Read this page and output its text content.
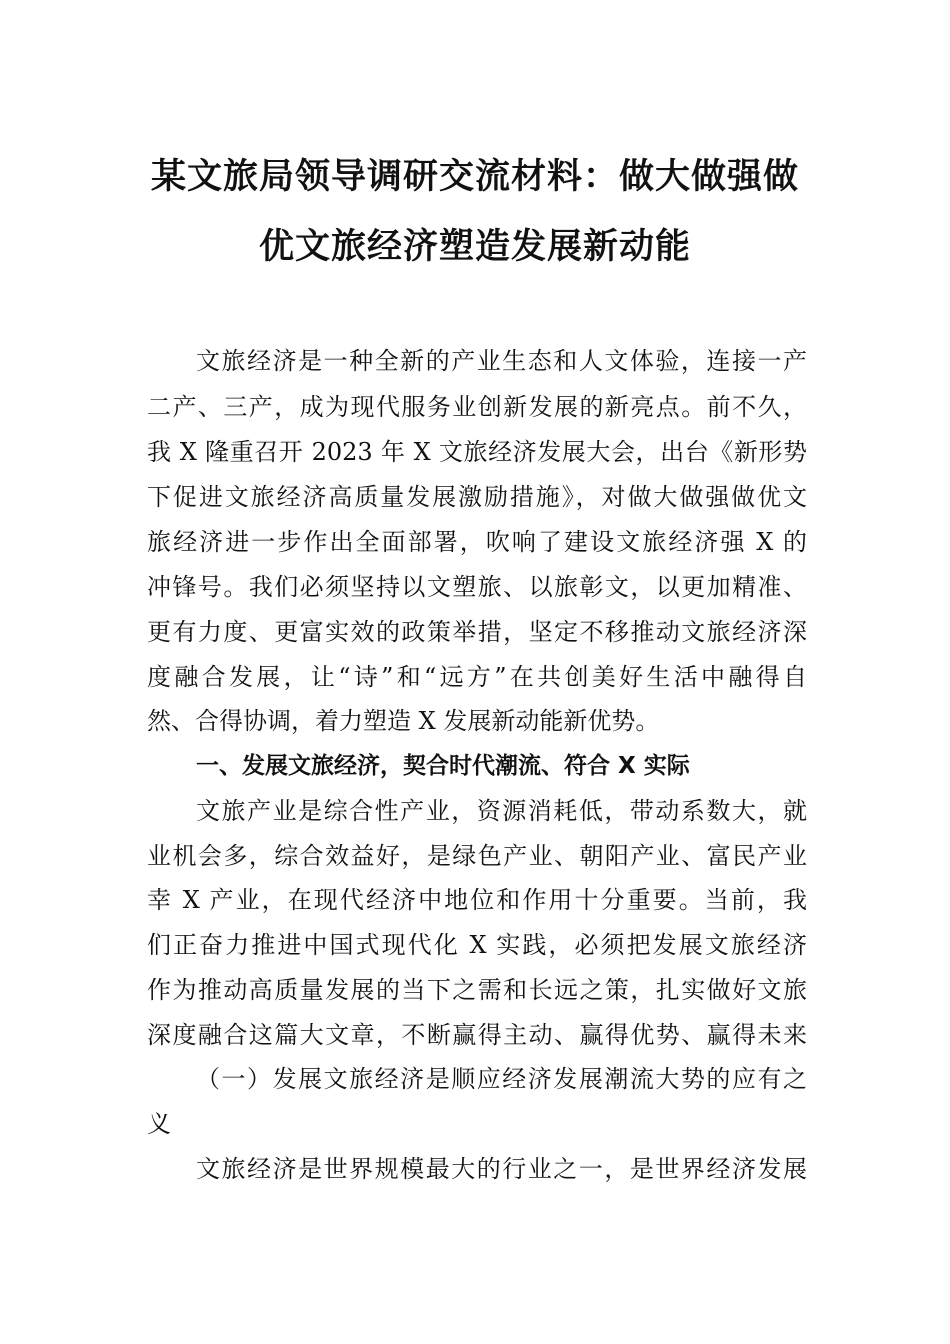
某文旅局领导调研交流材料：做大做强做
优文旅经济塑造发展新动能
文旅经济是一种全新的产业生态和人文体验，连接一产
二产、三产，成为现代服务业创新发展的新亮点。前不久，
我 X 隆重召开 2023 年 X 文旅经济发展大会，出台《新形势
下促进文旅经济高质量发展激励措施》，对做大做强做优文
旅经济进一步作出全面部署，吹响了建设文旅经济强 X 的
冲锋号。我们必须坚持以文塑旅、以旅彰文，以更加精准、
更有力度、更富实效的政策举措，坚定不移推动文旅经济深
度融合发展，让“诗”和“远方”在共创美好生活中融得自
然、合得协调，着力塑造 X 发展新动能新优势。
一、发展文旅经济，契合时代潮流、符合 X 实际
文旅产业是综合性产业，资源消耗低，带动系数大，就
业机会多，综合效益好，是绿色产业、朝阳产业、富民产业
幸 X 产业，在现代经济中地位和作用十分重要。当前，我
们正奋力推进中国式现代化 X 实践，必须把发展文旅经济
作为推动高质量发展的当下之需和长远之策，扎实做好文旅
深度融合这篇大文章，不断赢得主动、赢得优势、赢得未来
（一）发展文旅经济是顺应经济发展潮流大势的应有之
义
文旅经济是世界规模最大的行业之一，是世界经济发展
